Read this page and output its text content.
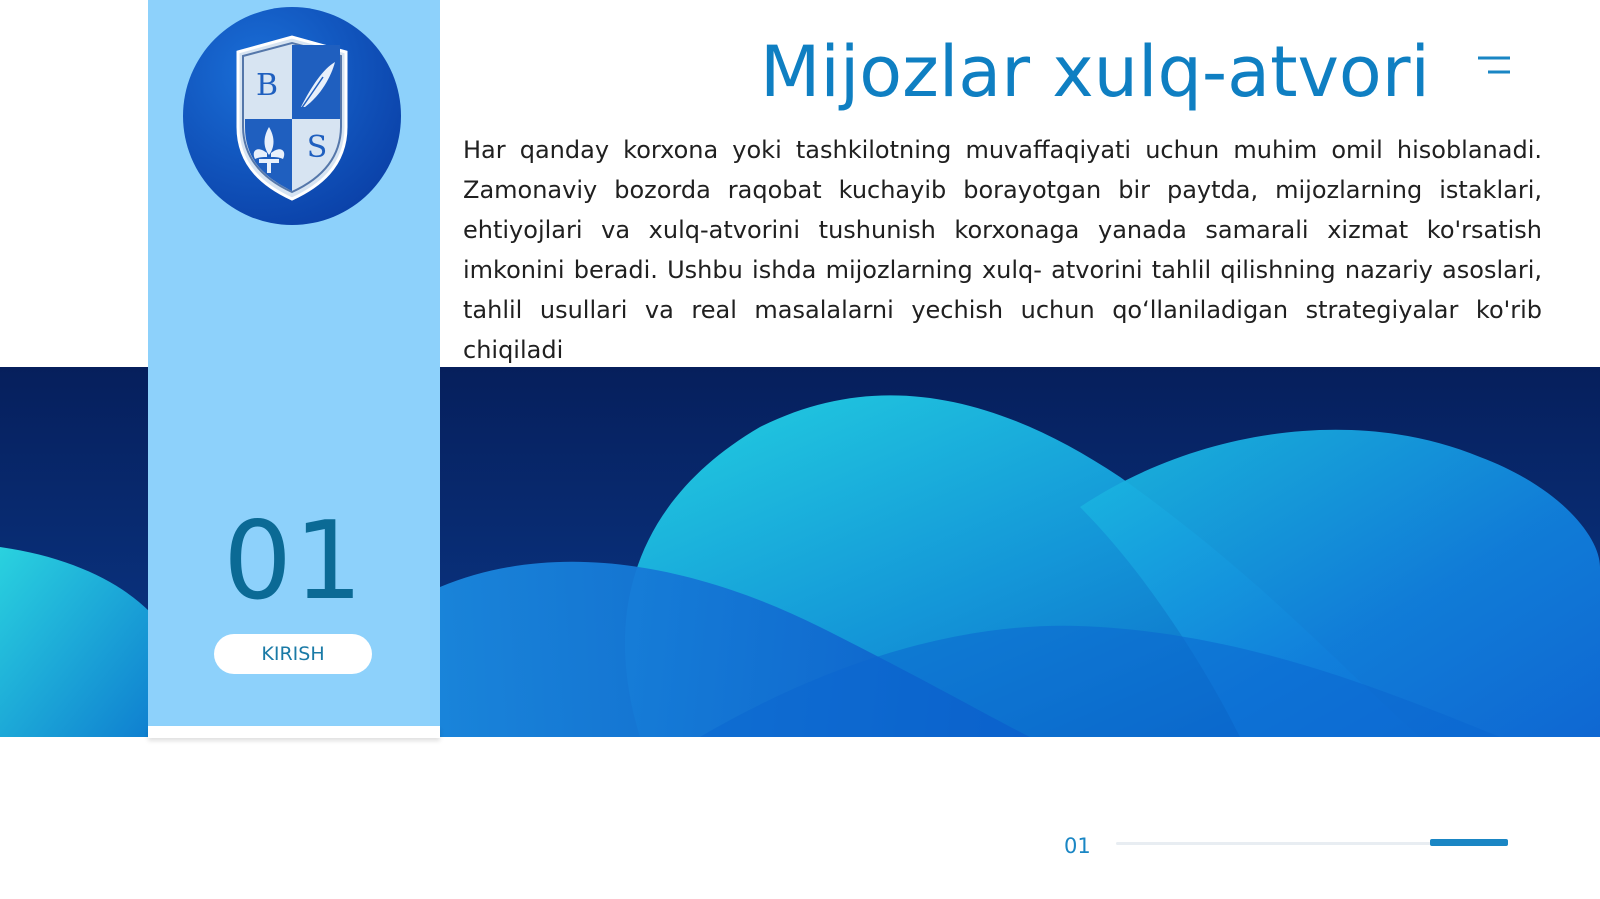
B
S
01
KIRISH
Mijozlar xulq-atvori

Har qanday korxona yoki tashkilotning muvaffaqiyati uchun muhim omil hisoblanadi. Zamonaviy bozorda raqobat kuchayib borayotgan bir paytda, mijozlarning istaklari, ehtiyojlari va xulq-atvorini tushunish korxonaga yanada samarali xizmat ko'rsatish imkonini beradi. Ushbu ishda mijozlarning xulq- atvorini tahlil qilishning nazariy asoslari, tahlil usullari va real masalalarni yechish uchun qo‘llaniladigan strategiyalar ko'rib chiqiladi

01
